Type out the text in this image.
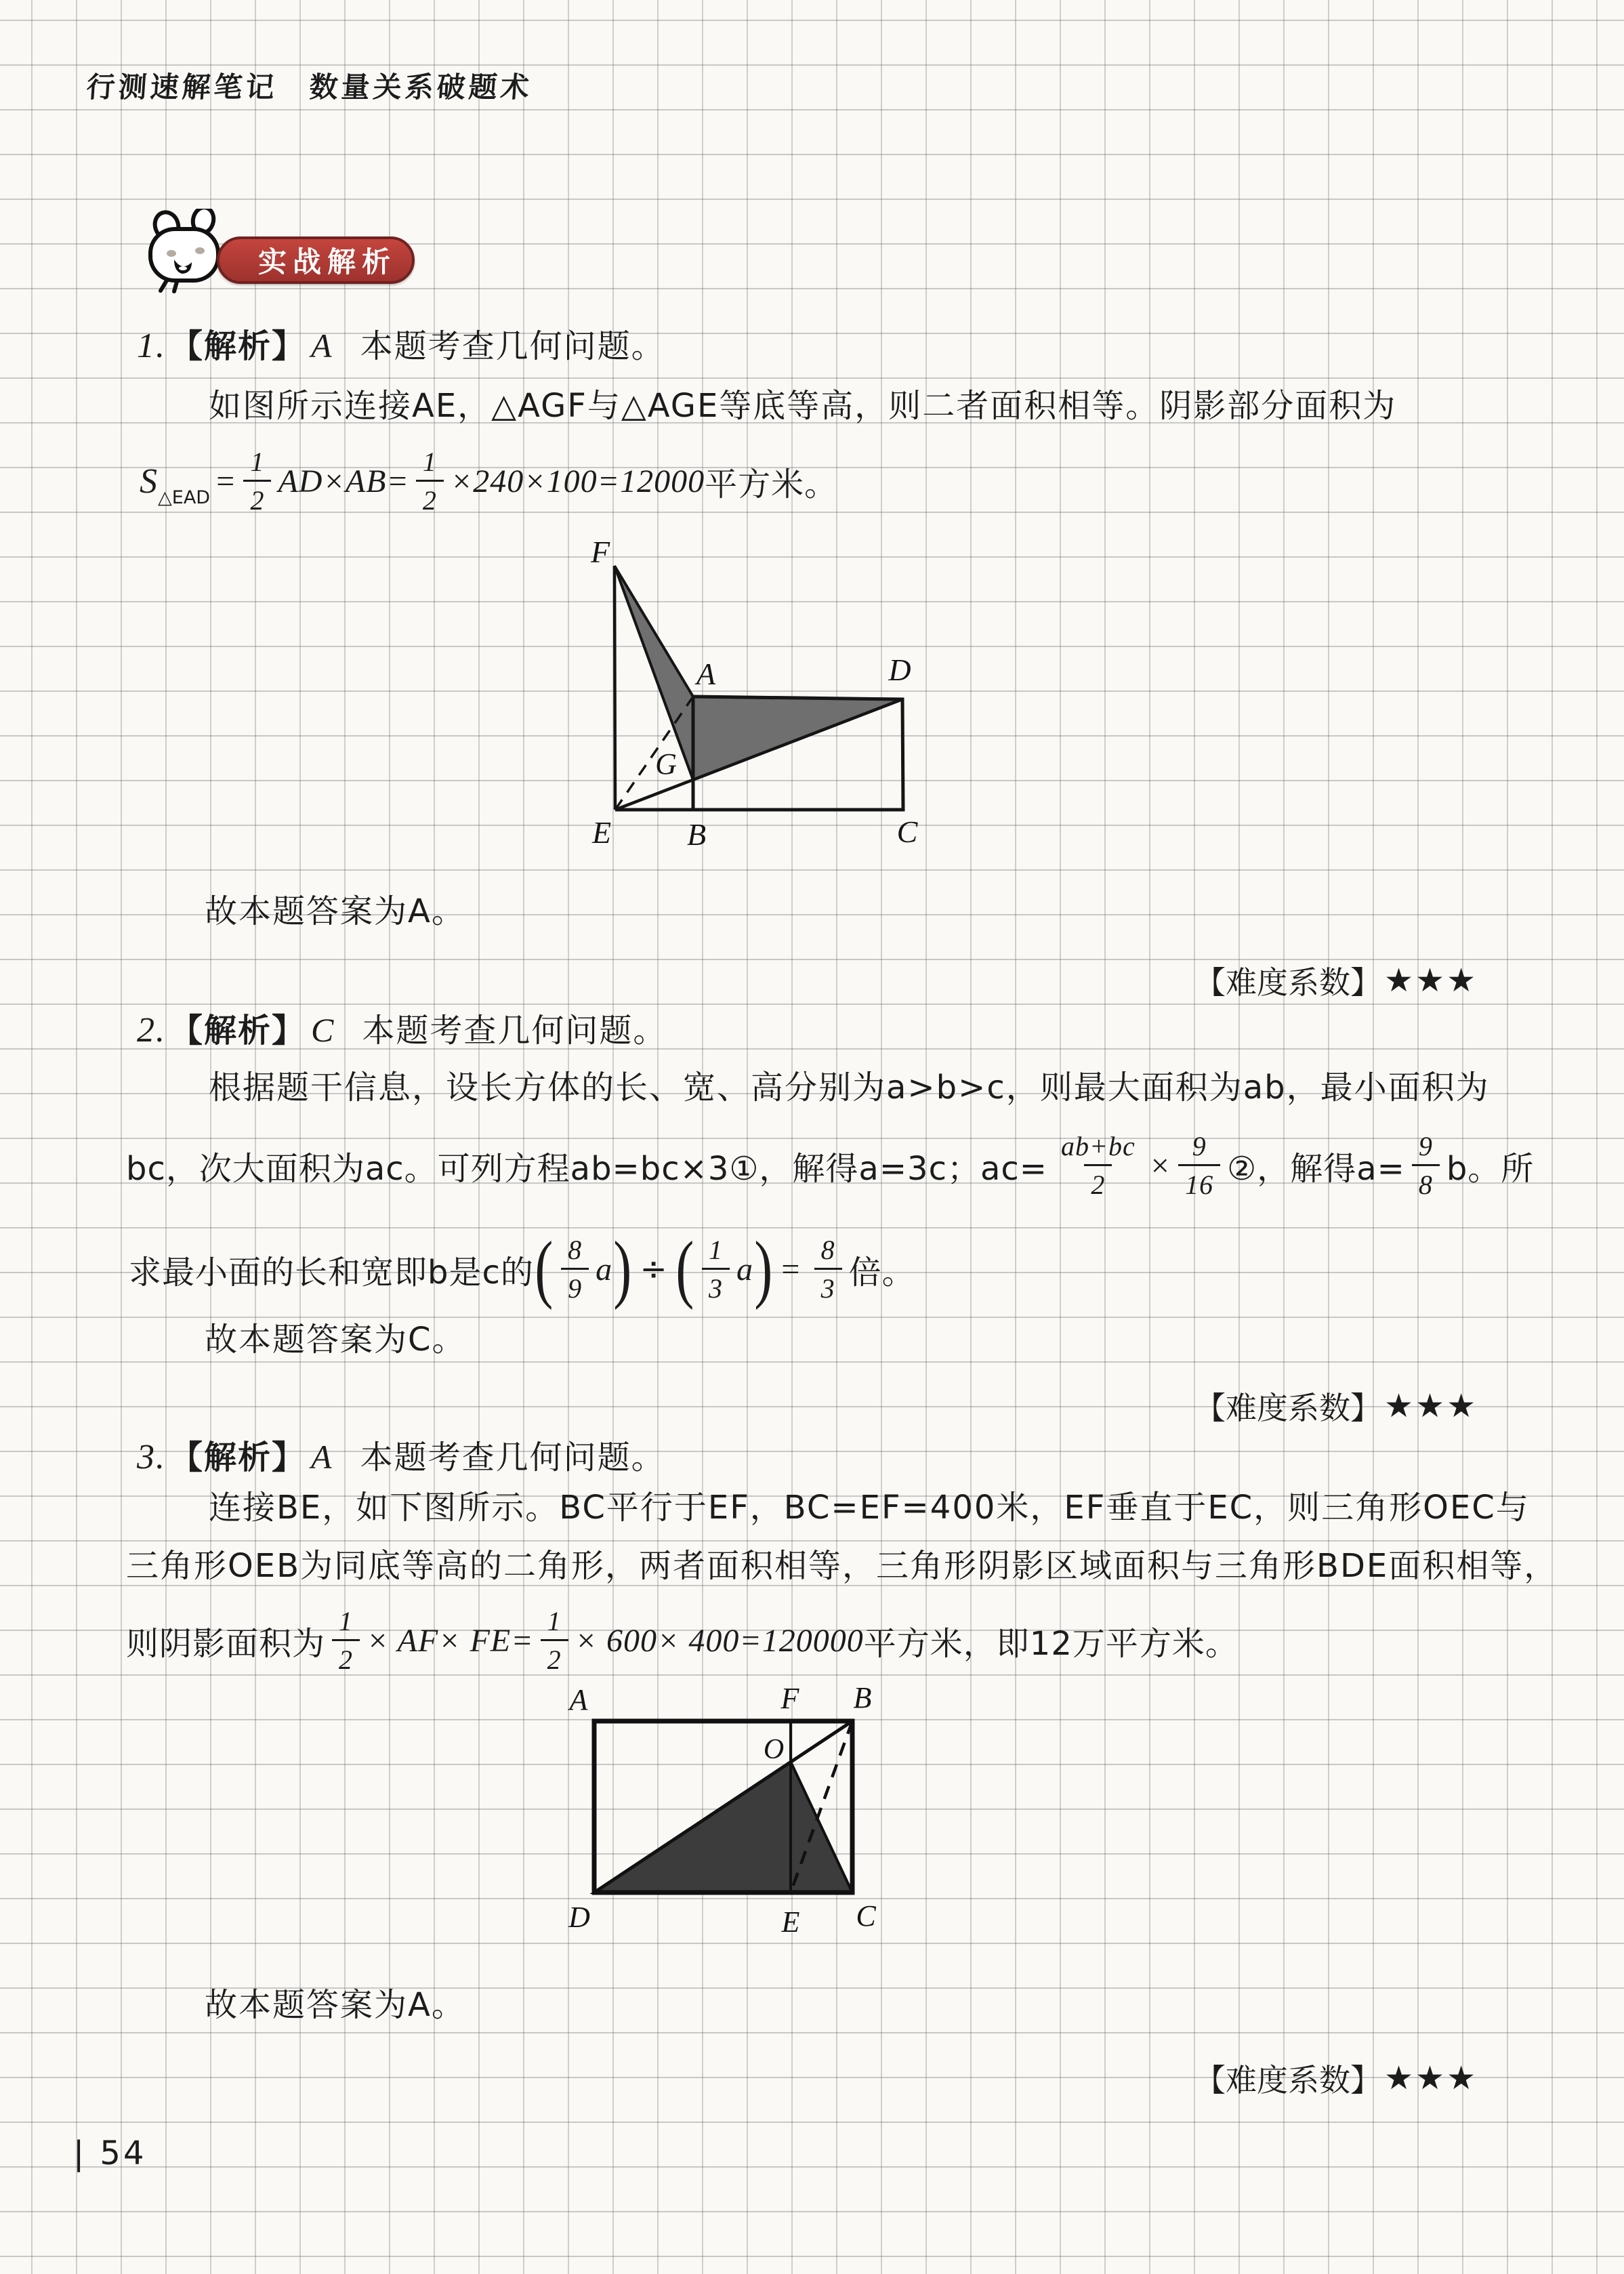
行测速解笔记　数量关系破题术
实战解析
1. 【解析】 A 本题考查几何问题。
如图所示连接AE，△AGF与△AGE等底等高，则二者面积相等。阴影部分面积为
S △EAD = $\frac{1}{2} AD\times AB= \frac{1}{2} \times 240\times 100=12000$ 平方米。
F
A	D
E B	C
G
故本题答案为A。
【难度系数】 ★★★
2. 【解析】 C 本题考查几何问题。
根据题干信息，设长方体的长、宽、高分别为a>b>c，则最大面积为ab，最小面积为
bc，次大面积为ac。可列方程ab=bc×3①，解得a=3c；$ac= \frac{ab+bc}{2} \times \frac{9}{16}$ ②，解得$a= \frac{9}{8}$ b。所
求最小面的长和宽即b是c的 ( $\frac{8}{9}$ a ) ÷ ( $\frac{1}{3}$ a ) = $\frac{8}{3}$ 倍。
故本题答案为C。
【难度系数】 ★★★
3. 【解析】 A 本题考查几何问题。
连接BE，如下图所示。BC平行于EF，BC=EF=400米，EF垂直于EC，则三角形OEC与
三角形OEB为同底等高的二角形，两者面积相等，三角形阴影区域面积与三角形BDE面积相等，
则阴影面积为 $\frac{1}{2} \times AF\times FE= \frac{1}{2} \times 600\times 400=120000$ 平方米，即12万平方米。
A	F B
O
D	E C
故本题答案为A。
【难度系数】 ★★★
| 54
